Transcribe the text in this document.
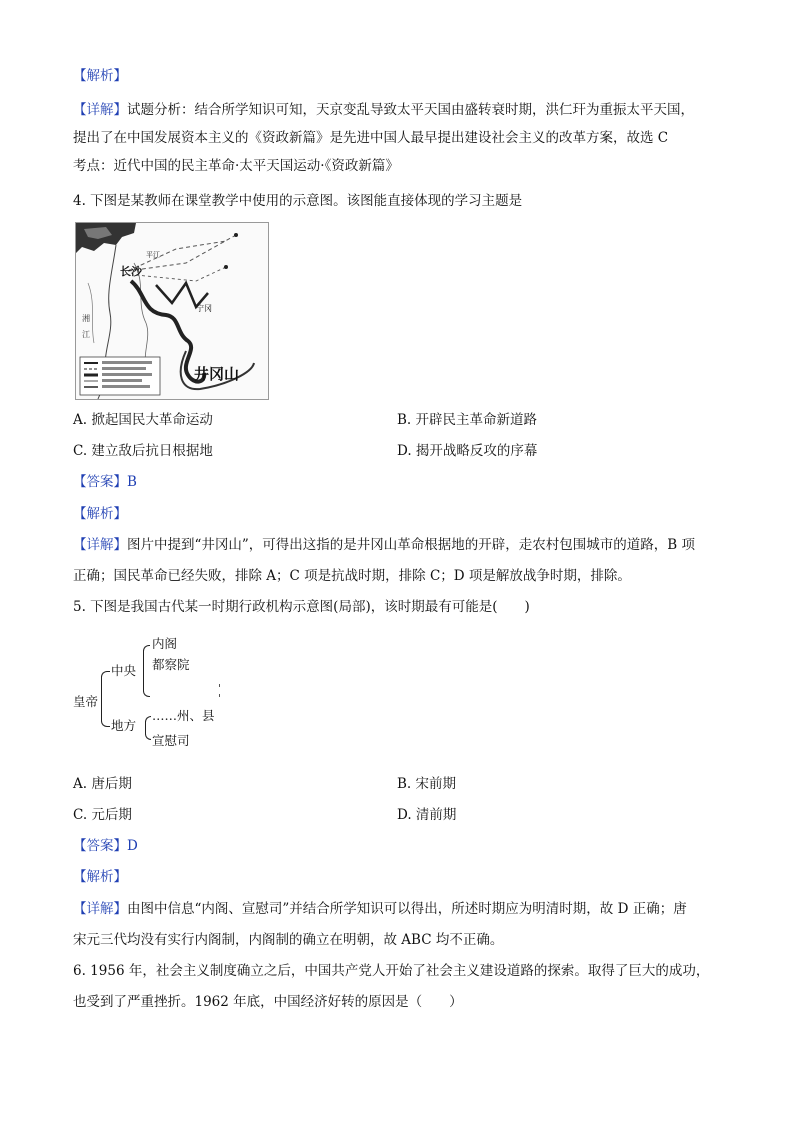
【解析】
【详解】试题分析：结合所学知识可知，天京变乱导致太平天国由盛转衰时期，洪仁玕为重振太平天国，
提出了在中国发展资本主义的《资政新篇》是先进中国人最早提出建设社会主义的改革方案，故选 C
考点：近代中国的民主革命·太平天国运动·《资政新篇》
4. 下图是某教师在课堂教学中使用的示意图。该图能直接体现的学习主题是
长沙
平江
宁冈
井冈山
湘
江
A. 掀起国民大革命运动	B. 开辟民主革命新道路
C. 建立敌后抗日根据地	D. 揭开战略反攻的序幕
【答案】B
【解析】
【详解】图片中提到“井冈山”，可得出这指的是井冈山革命根据地的开辟，走农村包围城市的道路，B 项
正确；国民革命已经失败，排除 A；C 项是抗战时期，排除 C；D 项是解放战争时期，排除。
5. 下图是我国古代某一时期行政机构示意图(局部)，该时期最有可能是(　　)
皇帝
中央
地方
内阁
都察院
……州、县
宣慰司
A. 唐后期	B. 宋前期
C. 元后期	D. 清前期
【答案】D
【解析】
【详解】由图中信息“内阁、宣慰司”并结合所学知识可以得出，所述时期应为明清时期，故 D 正确；唐
宋元三代均没有实行内阁制，内阁制的确立在明朝，故 ABC 均不正确。
6. 1956 年，社会主义制度确立之后，中国共产党人开始了社会主义建设道路的探索。取得了巨大的成功，
也受到了严重挫折。1962 年底，中国经济好转的原因是（　　）
